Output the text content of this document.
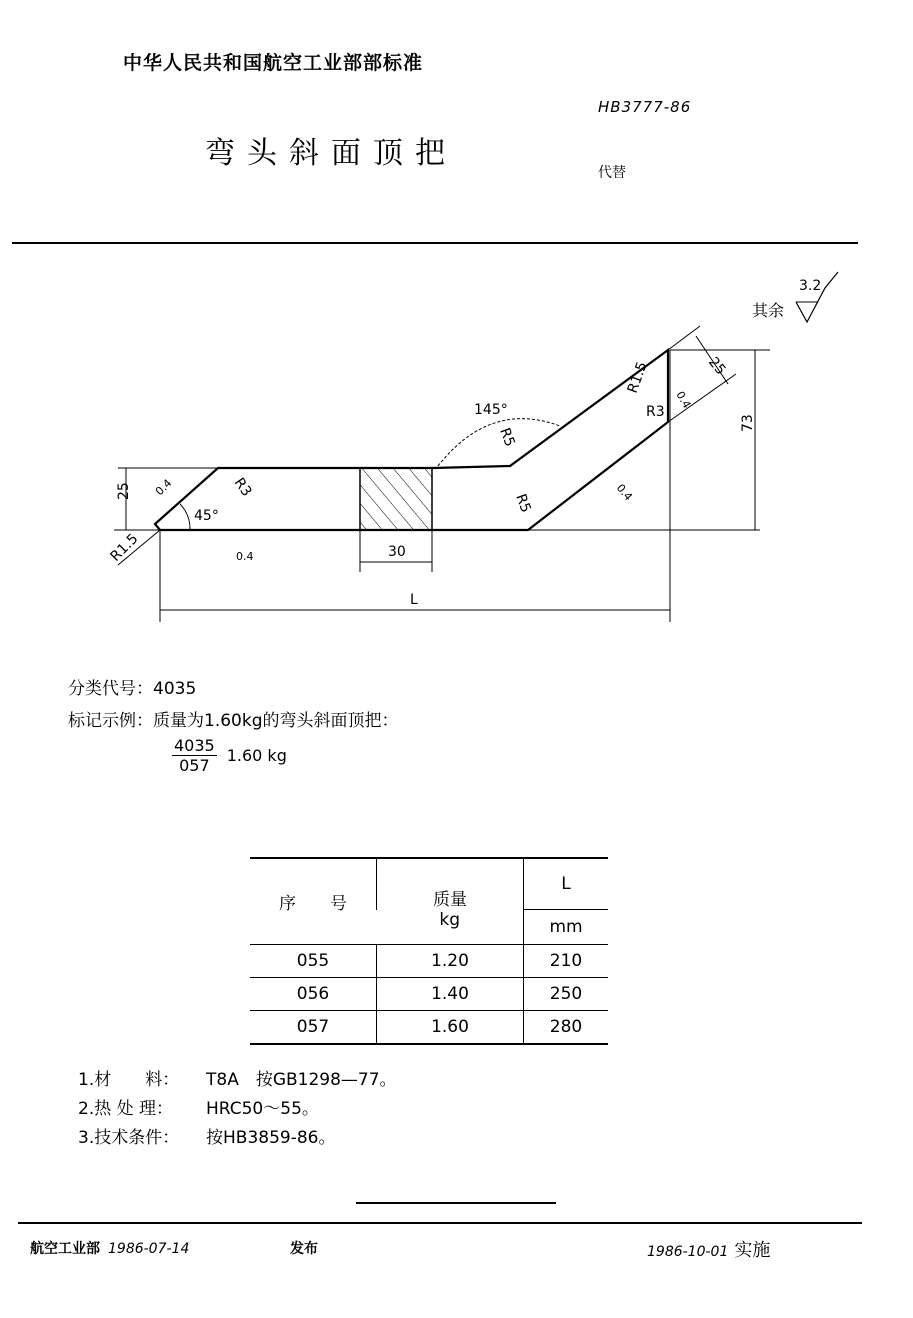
中华人民共和国航空工业部部标准
HB3777-86
弯头斜面顶把
代替
其余
3.2
25
73
25
30
L
45°
145°
R1.5
R3
R5
R5
R1.5
R3
0.4
0.4
0.4
0.4
分类代号：4035
标记示例：质量为1.60kg的弯头斜面顶把：
$\frac{4035}{057} 1.60$ kg
序　　号	质量	L
	kg	mm
055	1.20	210
056	1.40	250
057	1.60	280
1.材　　料： T8A　按GB1298—77。
2.热 处 理： HRC50～55。
3.技术条件： 按HB3859-86。
航空工业部 1986-07-14	发布	1986-10-01 实施
